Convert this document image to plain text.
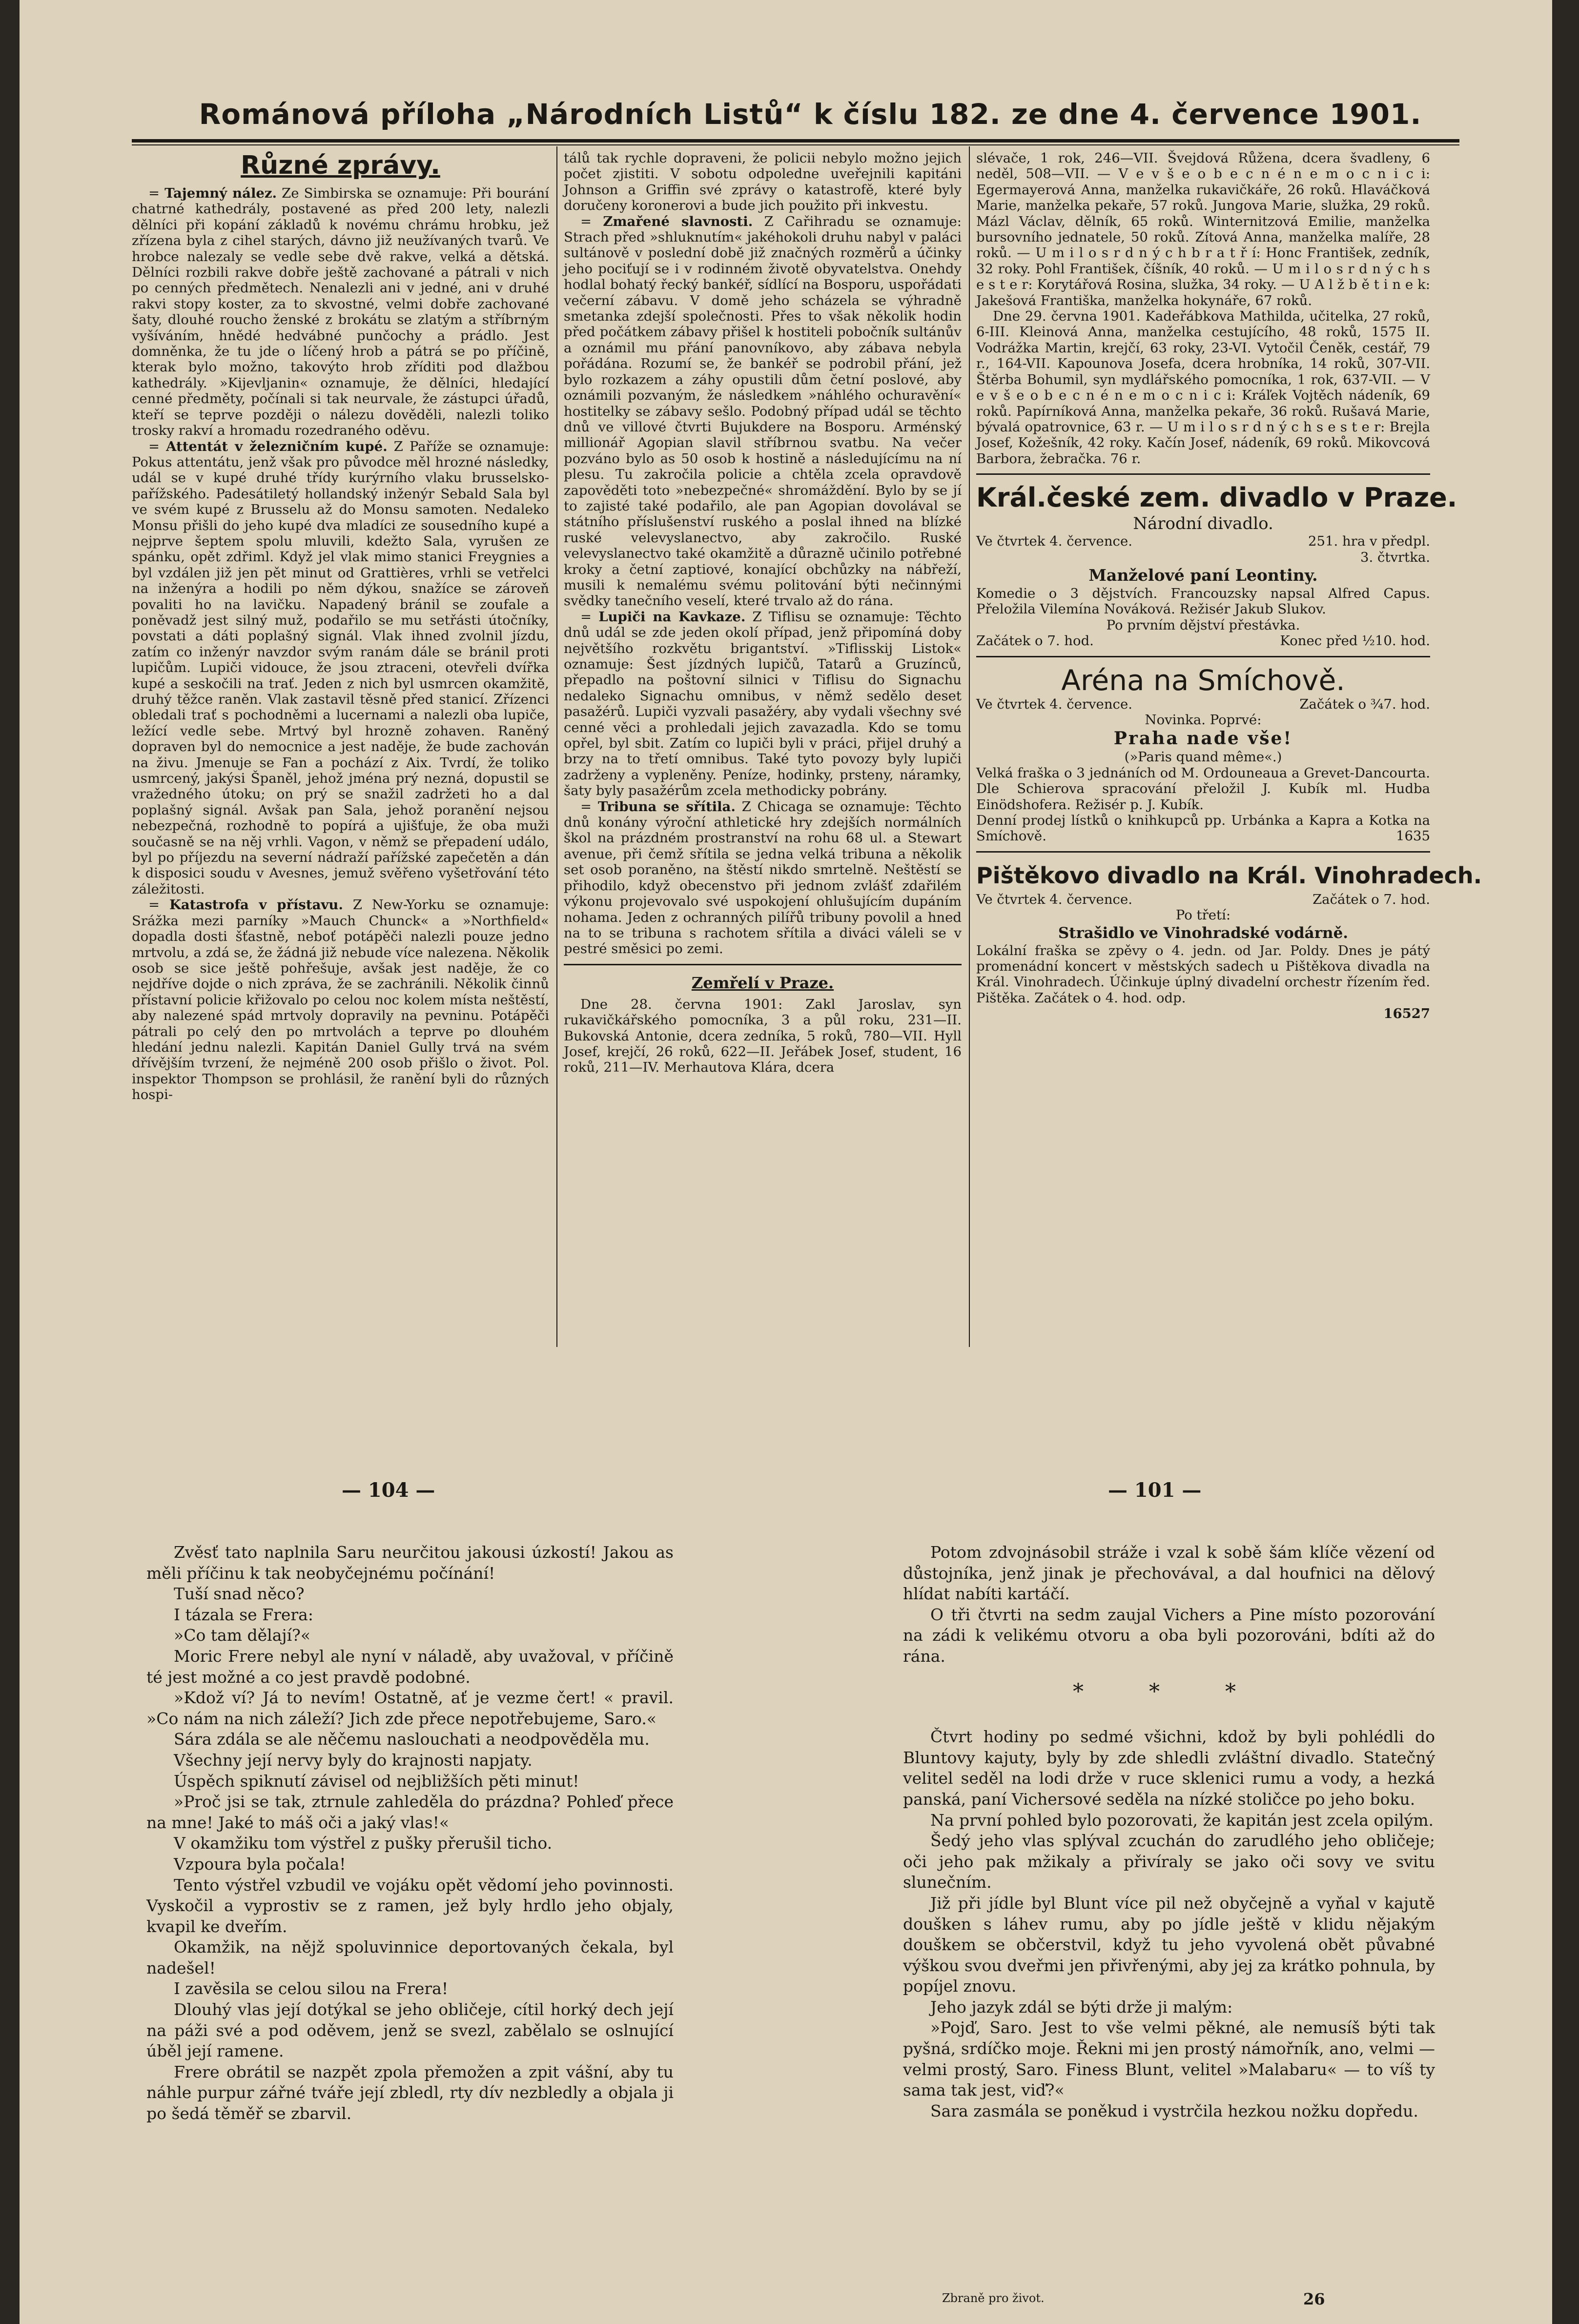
Románová příloha „Národních Listů“ k číslu 182. ze dne 4. července 1901.
Různé zprávy.

= Tajemný nález. Ze Simbirska se oznamuje: Při bourání chatrné kathedrály, postavené as před 200 lety, nalezli dělníci při kopání základů k novému chrámu hrobku, jež zřízena byla z cihel starých, dávno již neužívaných tvarů. Ve hrobce nalezaly se vedle sebe dvě rakve, velká a dětská. Dělníci rozbili rakve dobře ještě zachované a pátrali v nich po cenných předmětech. Nenalezli ani v jedné, ani v druhé rakvi stopy koster, za to skvostné, velmi dobře zachované šaty, dlouhé roucho ženské z brokátu se zlatým a stříbrným vyšíváním, hnědé hedvábné punčochy a prádlo. Jest domněnka, že tu jde o líčený hrob a pátrá se po příčině, kterak bylo možno, takovýto hrob zříditi pod dlažbou kathedrály. »Kijevljanin« oznamuje, že dělníci, hledající cenné předměty, počínali si tak neurvale, že zástupci úřadů, kteří se teprve později o nálezu dověděli, nalezli toliko trosky rakví a hromadu rozedraného oděvu.

= Attentát v železničním kupé. Z Paříže se oznamuje: Pokus attentátu, jenž však pro původce měl hrozné následky, udál se v kupé druhé třídy kurýrního vlaku brusselsko-pařížského. Padesátiletý hollandský inženýr Sebald Sala byl ve svém kupé z Brusselu až do Monsu samoten. Nedaleko Monsu přišli do jeho kupé dva mladíci ze sousedního kupé a nejprve šeptem spolu mluvili, kdežto Sala, vyrušen ze spánku, opět zdřiml. Když jel vlak mimo stanici Freygnies a byl vzdálen již jen pět minut od Grattières, vrhli se vetřelci na inženýra a hodili po něm dýkou, snažíce se zároveň povaliti ho na lavičku. Napadený bránil se zoufale a poněvadž jest silný muž, podařilo se mu setřásti útočníky, povstati a dáti poplašný signál. Vlak ihned zvolnil jízdu, zatím co inženýr navzdor svým ranám dále se bránil proti lupičům. Lupiči vidouce, že jsou ztraceni, otevřeli dvířka kupé a seskočili na trať. Jeden z nich byl usmrcen okamžitě, druhý těžce raněn. Vlak zastavil těsně před stanicí. Zřízenci obledali trať s pochodněmi a lucernami a nalezli oba lupiče, ležící vedle sebe. Mrtvý byl hrozně zohaven. Raněný dopraven byl do nemocnice a jest naděje, že bude zachován na živu. Jmenuje se Fan a pochází z Aix. Tvrdí, že toliko usmrcený, jakýsi Španěl, jehož jména prý nezná, dopustil se vražedného útoku; on prý se snažil zadržeti ho a dal poplašný signál. Avšak pan Sala, jehož poranění nejsou nebezpečná, rozhodně to popírá a ujišťuje, že oba muži současně se na něj vrhli. Vagon, v němž se přepadení událo, byl po příjezdu na severní nádraží pařížské zapečetěn a dán k disposici soudu v Avesnes, jemuž svěřeno vyšetřování této záležitosti.

= Katastrofa v přístavu. Z New-Yorku se oznamuje: Srážka mezi parníky »Mauch Chunck« a »Northfield« dopadla dosti šťastně, neboť potápěči nalezli pouze jedno mrtvolu, a zdá se, že žádná již nebude více nalezena. Několik osob se sice ještě pohřešuje, avšak jest naděje, že co nejdříve dojde o nich zpráva, že se zachránili. Několik činnů přístavní policie křižovalo po celou noc kolem místa neštěstí, aby nalezené spád mrtvoly dopravily na pevninu. Potápěči pátrali po celý den po mrtvolách a teprve po dlouhém hledání jednu nalezli. Kapitán Daniel Gully trvá na svém dřívějším tvrzení, že nejméně 200 osob přišlo o život. Pol. inspektor Thompson se prohlásil, že ranění byli do různých hospi-

tálů tak rychle dopraveni, že policii nebylo možno jejich počet zjistiti. V sobotu odpoledne uveřejnili kapitáni Johnson a Griffin své zprávy o katastrofě, které byly doručeny koronerovi a bude jich použito při inkvestu.

= Zmařené slavnosti. Z Cařihradu se oznamuje: Strach před »shluknutím« jakéhokoli druhu nabyl v paláci sultánově v poslední době již značných rozměrů a účinky jeho pociťují se i v rodinném životě obyvatelstva. Onehdy hodlal bohatý řecký bankéř, sídlící na Bosporu, uspořádati večerní zábavu. V domě jeho scházela se výhradně smetanka zdejší společnosti. Přes to však několik hodin před počátkem zábavy přišel k hostiteli pobočník sultánův a oznámil mu přání panovníkovo, aby zábava nebyla pořádána. Rozumí se, že bankéř se podrobil přání, jež bylo rozkazem a záhy opustili dům četní poslové, aby oznámili pozvaným, že následkem »náhlého ochuravění« hostitelky se zábavy sešlo. Podobný případ udál se těchto dnů ve villové čtvrti Bujukdere na Bosporu. Arménský millionář Agopian slavil stříbrnou svatbu. Na večer pozváno bylo as 50 osob k hostině a následujícímu na ní plesu. Tu zakročila policie a chtěla zcela opravdově zapověděti toto »nebezpečné« shromáždění. Bylo by se jí to zajisté také podařilo, ale pan Agopian dovolával se státního příslušenství ruského a poslal ihned na blízké ruské velevyslanectvo, aby zakročilo. Ruské velevyslanectvo také okamžitě a důrazně učinilo potřebné kroky a četní zaptiové, konající obchůzky na nábřeží, musili k nemalému svému politování býti nečinnými svědky tanečního veselí, které trvalo až do rána.

= Lupiči na Kavkaze. Z Tiflisu se oznamuje: Těchto dnů udál se zde jeden okolí případ, jenž připomíná doby největšího rozkvětu brigantství. »Tiflisskij Listok« oznamuje: Šest jízdných lupičů, Tatarů a Gruzínců, přepadlo na poštovní silnici v Tiflisu do Signachu nedaleko Signachu omnibus, v němž sedělo deset pasažérů. Lupiči vyzvali pasažéry, aby vydali všechny své cenné věci a prohledali jejich zavazadla. Kdo se tomu opřel, byl sbit. Zatím co lupiči byli v práci, přijel druhý a brzy na to třetí omnibus. Také tyto povozy byly lupiči zadrženy a vypleněny. Peníze, hodinky, prsteny, náramky, šaty byly pasažérům zcela methodicky pobrány.

= Tribuna se sřítila. Z Chicaga se oznamuje: Těchto dnů konány výroční athletické hry zdejších normálních škol na prázdném prostranství na rohu 68 ul. a Stewart avenue, při čemž sřítila se jedna velká tribuna a několik set osob poraněno, na štěstí nikdo smrtelně. Neštěstí se přihodilo, když obecenstvo při jednom zvlášť zdařilém výkonu projevovalo své uspokojení ohlušujícím dupáním nohama. Jeden z ochranných pilířů tribuny povolil a hned na to se tribuna s rachotem sřítila a diváci váleli se v pestré směsici po zemi.

Zemřelí v Praze.

Dne 28. června 1901: Zakl Jaroslav, syn rukavičkářského pomocníka, 3 a půl roku, 231—II. Bukovská Antonie, dcera zedníka, 5 roků, 780—VII. Hyll Josef, krejčí, 26 roků, 622—II. Jeřábek Josef, student, 16 roků, 211—IV. Merhautova Klára, dcera

slévače, 1 rok, 246—VII. Švejdová Růžena, dcera švadleny, 6 neděl, 508—VII. — V e v š e o b e c n é n e m o c n i c i: Egermayerová Anna, manželka rukavičkáře, 26 roků. Hlaváčková Marie, manželka pekaře, 57 roků. Jungova Marie, služka, 29 roků. Mázl Václav, dělník, 65 roků. Winternitzová Emilie, manželka bursovního jednatele, 50 roků. Zítová Anna, manželka malíře, 28 roků. — U m i l o s r d n ý c h b r a t ř í: Honc František, zedník, 32 roky. Pohl František, číšník, 40 roků. — U m i l o s r d n ý c h s e s t e r: Korytářová Rosina, služka, 34 roky. — U A l ž b ě t i n e k: Jakešová Františka, manželka hokynáře, 67 roků.

Dne 29. června 1901. Kadeřábkova Mathilda, učitelka, 27 roků, 6-III. Kleinová Anna, manželka cestujícího, 48 roků, 1575 II. Vodrážka Martin, krejčí, 63 roky, 23-VI. Vytočil Čeněk, cestář, 79 r., 164-VII. Kapounova Josefa, dcera hrobníka, 14 roků, 307-VII. Štěrba Bohumil, syn mydlářského pomocníka, 1 rok, 637-VII. — V e v š e o b e c n é n e m o c n i c i: Kráľek Vojtěch nádeník, 69 roků. Papírníková Anna, manželka pekaře, 36 roků. Rušavá Marie, bývalá opatrovnice, 63 r. — U m i l o s r d n ý c h s e s t e r: Brejla Josef, Kožešník, 42 roky. Kačín Josef, nádeník, 69 roků. Mikovcová Barbora, žebračka. 76 r.

Král.české zem. divadlo v Praze.
Národní divadlo.
Ve čtvrtek 4. července.	251. hra v předpl.
3. čtvrtka.
Manželové paní Leontiny.

Komedie o 3 dějstvích. Francouzsky napsal Alfred Capus. Přeložila Vilemína Nováková. Režisér Jakub Slukov.

Po prvním dějství přestávka.
Začátek o 7. hod.	Konec před ½10. hod.
Aréna na Smíchově.
Ve čtvrtek 4. července.	Začátek o ¾7. hod.
Novinka. Poprvé:
Praha nade vše!
(»Paris quand même«.)

Velká fraška o 3 jednáních od M. Ordouneaua a Grevet-Dancourta. Dle Schierova spracování přeložil J. Kubík ml. Hudba Einödshofera. Režisér p. J. Kubík.

Denní prodej lístků o knihkupců pp. Urbánka a Kapra a Kotka na Smíchově.	1635

Pištěkovo divadlo na Král. Vinohradech.
Ve čtvrtek 4. července.	Začátek o 7. hod.
Po třetí:
Strašidlo ve Vinohradské vodárně.

Lokální fraška se zpěvy o 4. jedn. od Jar. Poldy. Dnes je pátý promenádní koncert v městských sadech u Pištěkova divadla na Král. Vinohradech. Účinkuje úplný divadelní orchestr řízením řed. Pištěka. Začátek o 4. hod. odp.

16527
— 104 —	— 101 —

Zvěsť tato naplnila Saru neurčitou jakousi úzkostí! Jakou as měli příčinu k tak neobyčejnému počínání!

Tuší snad něco?

I tázala se Frera:

»Co tam dělají?«

Moric Frere nebyl ale nyní v náladě, aby uvažoval, v příčině té jest možné a co jest pravdě podobné.

»Kdož ví? Já to nevím! Ostatně, ať je vezme čert! « pravil. »Co nám na nich záleží? Jich zde přece nepotřebujeme, Saro.«

Sára zdála se ale něčemu naslouchati a neodpověděla mu.

Všechny její nervy byly do krajnosti napjaty.

Úspěch spiknutí závisel od nejbližších pěti minut!

»Proč jsi se tak, ztrnule zahleděla do prázdna? Pohleď přece na mne! Jaké to máš oči a jaký vlas!«

V okamžiku tom výstřel z pušky přerušil ticho.

Vzpoura byla počala!

Tento výstřel vzbudil ve vojáku opět vědomí jeho povinnosti. Vyskočil a vyprostiv se z ramen, jež byly hrdlo jeho objaly, kvapil ke dveřím.

Okamžik, na nějž spoluvinnice deportovaných čekala, byl nadešel!

I zavěsila se celou silou na Frera!

Dlouhý vlas její dotýkal se jeho obličeje, cítil horký dech její na páži své a pod oděvem, jenž se svezl, zabělalo se oslnující úběl její ramene.

Frere obrátil se nazpět zpola přemožen a zpit vášní, aby tu náhle purpur zářné tváře její zbledl, rty dív nezbledly a objala ji po šedá těměř se zbarvil.

Potom zdvojnásobil stráže i vzal k sobě šám klíče vězení od důstojníka, jenž jinak je přechovával, a dal houfnici na dělový hlídat nabíti kartáčí.

O tři čtvrti na sedm zaujal Vichers a Pine místo pozorování na zádi k velikému otvoru a oba byli pozorováni, bdíti až do rána.

* * *

Čtvrt hodiny po sedmé všichni, kdož by byli pohlédli do Bluntovy kajuty, byly by zde shledli zvláštní divadlo. Statečný velitel seděl na lodi drže v ruce sklenici rumu a vody, a hezká panská, paní Vichersové seděla na nízké stoličce po jeho boku.

Na první pohled bylo pozorovati, že kapitán jest zcela opilým.

Šedý jeho vlas splýval zcuchán do zarudlého jeho obličeje; oči jeho pak mžikaly a přivíraly se jako oči sovy ve svitu slunečním.

Již při jídle byl Blunt více pil než obyčejně a vyňal v kajutě doušken s láhev rumu, aby po jídle ještě v klidu nějakým douškem se občerstvil, když tu jeho vyvolená obět půvabné výškou svou dveřmi jen přivřenými, aby jej za krátko pohnula, by popíjel znovu.

Jeho jazyk zdál se býti drže ji malým:

»Pojď, Saro. Jest to vše velmi pěkné, ale nemusíš býti tak pyšná, srdíčko moje. Řekni mi jen prostý námořník, ano, velmi — velmi prostý, Saro. Finess Blunt, velitel »Malabaru« — to víš ty sama tak jest, viď?«

Sara zasmála se poněkud i vystrčila hezkou nožku dopředu.

Zbraně pro život.	26
